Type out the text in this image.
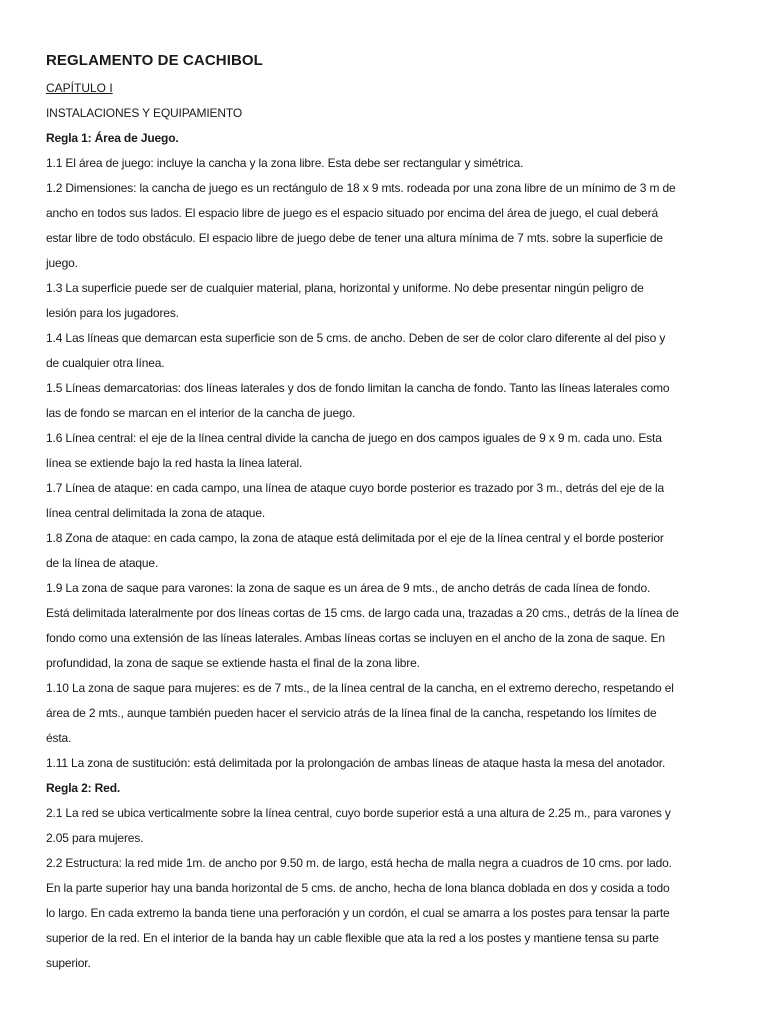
REGLAMENTO DE CACHIBOL
CAPÍTULO I
INSTALACIONES Y EQUIPAMIENTO
Regla 1: Área de Juego.
1.1 El área de juego: incluye la cancha y la zona libre. Esta debe ser rectangular y simétrica.
1.2 Dimensiones: la cancha de juego es un rectángulo de 18 x 9 mts. rodeada por una zona libre de un mínimo de 3 m de
ancho en todos sus lados. El espacio libre de juego es el espacio situado por encima del área de juego, el cual deberá
estar libre de todo obstáculo. El espacio libre de juego debe de tener una altura mínima de 7 mts. sobre la superficie de
juego.
1.3 La superficie puede ser de cualquier material, plana, horizontal y uniforme. No debe presentar ningún peligro de
lesión para los jugadores.
1.4 Las líneas que demarcan esta superficie son de 5 cms. de ancho. Deben de ser de color claro diferente al del piso y
de cualquier otra línea.
1.5 Líneas demarcatorias: dos líneas laterales y dos de fondo limitan la cancha de fondo. Tanto las líneas laterales como
las de fondo se marcan en el interior de la cancha de juego.
1.6 Línea central: el eje de la línea central divide la cancha de juego en dos campos iguales de 9 x 9 m. cada uno. Esta
línea se extiende bajo la red hasta la línea lateral.
1.7 Línea de ataque: en cada campo, una línea de ataque cuyo borde posterior es trazado por 3 m., detrás del eje de la
línea central delimitada la zona de ataque.
1.8 Zona de ataque: en cada campo, la zona de ataque está delimitada por el eje de la línea central y el borde posterior
de la línea de ataque.
1.9 La zona de saque para varones: la zona de saque es un área de 9 mts., de ancho detrás de cada línea de fondo.
Está delimitada lateralmente por dos líneas cortas de 15 cms. de largo cada una, trazadas a 20 cms., detrás de la línea de
fondo como una extensión de las líneas laterales. Ambas líneas cortas se incluyen en el ancho de la zona de saque. En
profundidad, la zona de saque se extiende hasta el final de la zona libre.
1.10 La zona de saque para mujeres: es de 7 mts., de la línea central de la cancha, en el extremo derecho, respetando el
área de 2 mts., aunque también pueden hacer el servicio atrás de la línea final de la cancha, respetando los límites de
ésta.
1.11 La zona de sustitución: está delimitada por la prolongación de ambas líneas de ataque hasta la mesa del anotador.
Regla 2: Red.
2.1 La red se ubica verticalmente sobre la línea central, cuyo borde superior está a una altura de 2.25 m., para varones y
2.05 para mujeres.
2.2 Estructura: la red mide 1m. de ancho por 9.50 m. de largo, está hecha de malla negra a cuadros de 10 cms. por lado.
En la parte superior hay una banda horizontal de 5 cms. de ancho, hecha de lona blanca doblada en dos y cosida a todo
lo largo. En cada extremo la banda tiene una perforación y un cordón, el cual se amarra a los postes para tensar la parte
superior de la red. En el interior de la banda hay un cable flexible que ata la red a los postes y mantiene tensa su parte
superior.
